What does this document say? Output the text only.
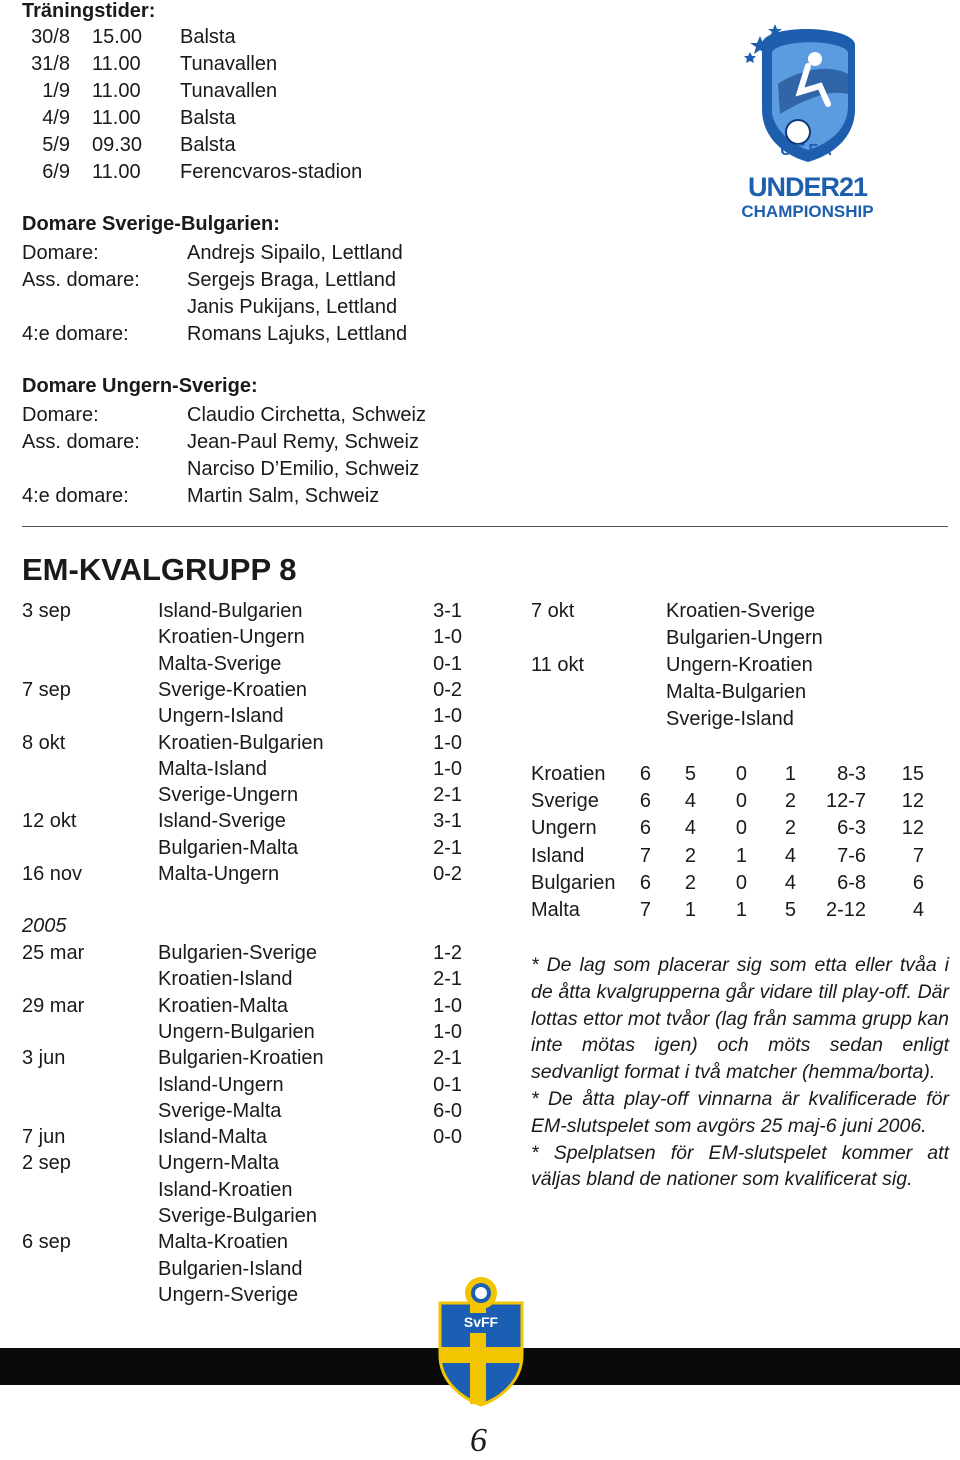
Träningstider:
30/8 15.00 Balsta
31/8 11.00 Tunavallen
1/9 11.00 Tunavallen
4/9 11.00 Balsta
5/9 09.30 Balsta
6/9 11.00 Ferencvaros-stadion
Domare Sverige-Bulgarien:
Domare:	Andrejs Sipailo, Lettland
Ass. domare: Sergejs Braga, Lettland
Janis Pukijans, Lettland
4:e domare:	Romans Lajuks, Lettland
Domare Ungern-Sverige:
Domare:	Claudio Circhetta, Schweiz
Ass. domare: Jean-Paul Remy, Schweiz
Narciso D’Emilio, Schweiz
4:e domare:	Martin Salm, Schweiz
UEFA
UNDER21
CHAMPIONSHIP
EM-KVALGRUPP 8
3 sep	Island-Bulgarien	3-1
Kroatien-Ungern	1-0
Malta-Sverige	0-1
7 sep	Sverige-Kroatien	0-2
Ungern-Island	1-0
8 okt	Kroatien-Bulgarien	1-0
Malta-Island	1-0
Sverige-Ungern	2-1
12 okt	Island-Sverige	3-1
Bulgarien-Malta	2-1
16 nov	Malta-Ungern	0-2
2005
25 mar	Bulgarien-Sverige	1-2
Kroatien-Island	2-1
29 mar	Kroatien-Malta	1-0
Ungern-Bulgarien	1-0
3 jun	Bulgarien-Kroatien	2-1
Island-Ungern	0-1
Sverige-Malta	6-0
7 jun	Island-Malta	0-0
2 sep	Ungern-Malta
Island-Kroatien
Sverige-Bulgarien
6 sep	Malta-Kroatien
Bulgarien-Island
Ungern-Sverige
7 okt	Kroatien-Sverige
Bulgarien-Ungern
11 okt	Ungern-Kroatien
Malta-Bulgarien
Sverige-Island
Kroatien	6	5	0	1	8-3	15
Sverige	6	4	0	2	12-7	12
Ungern	6	4	0	2	6-3	12
Island	7	2	1	4	7-6	7
Bulgarien	6	2	0	4	6-8	6
Malta	7	1	1	5	2-12	4

* De lag som placerar sig som etta eller tvåa i de åtta kvalgrupperna går vidare till play-off. Där lottas ettor mot tvåor (lag från samma grupp kan inte mötas igen) och möts sedan enligt sedvanligt format i två matcher (hemma/borta).

* De åtta play-off vinnarna är kvalificerade för EM-slutspelet som avgörs 25 maj-6 juni 2006.

* Spelplatsen för EM-slutspelet kommer att väljas bland de nationer som kvalificerat sig.

SvFF
6
